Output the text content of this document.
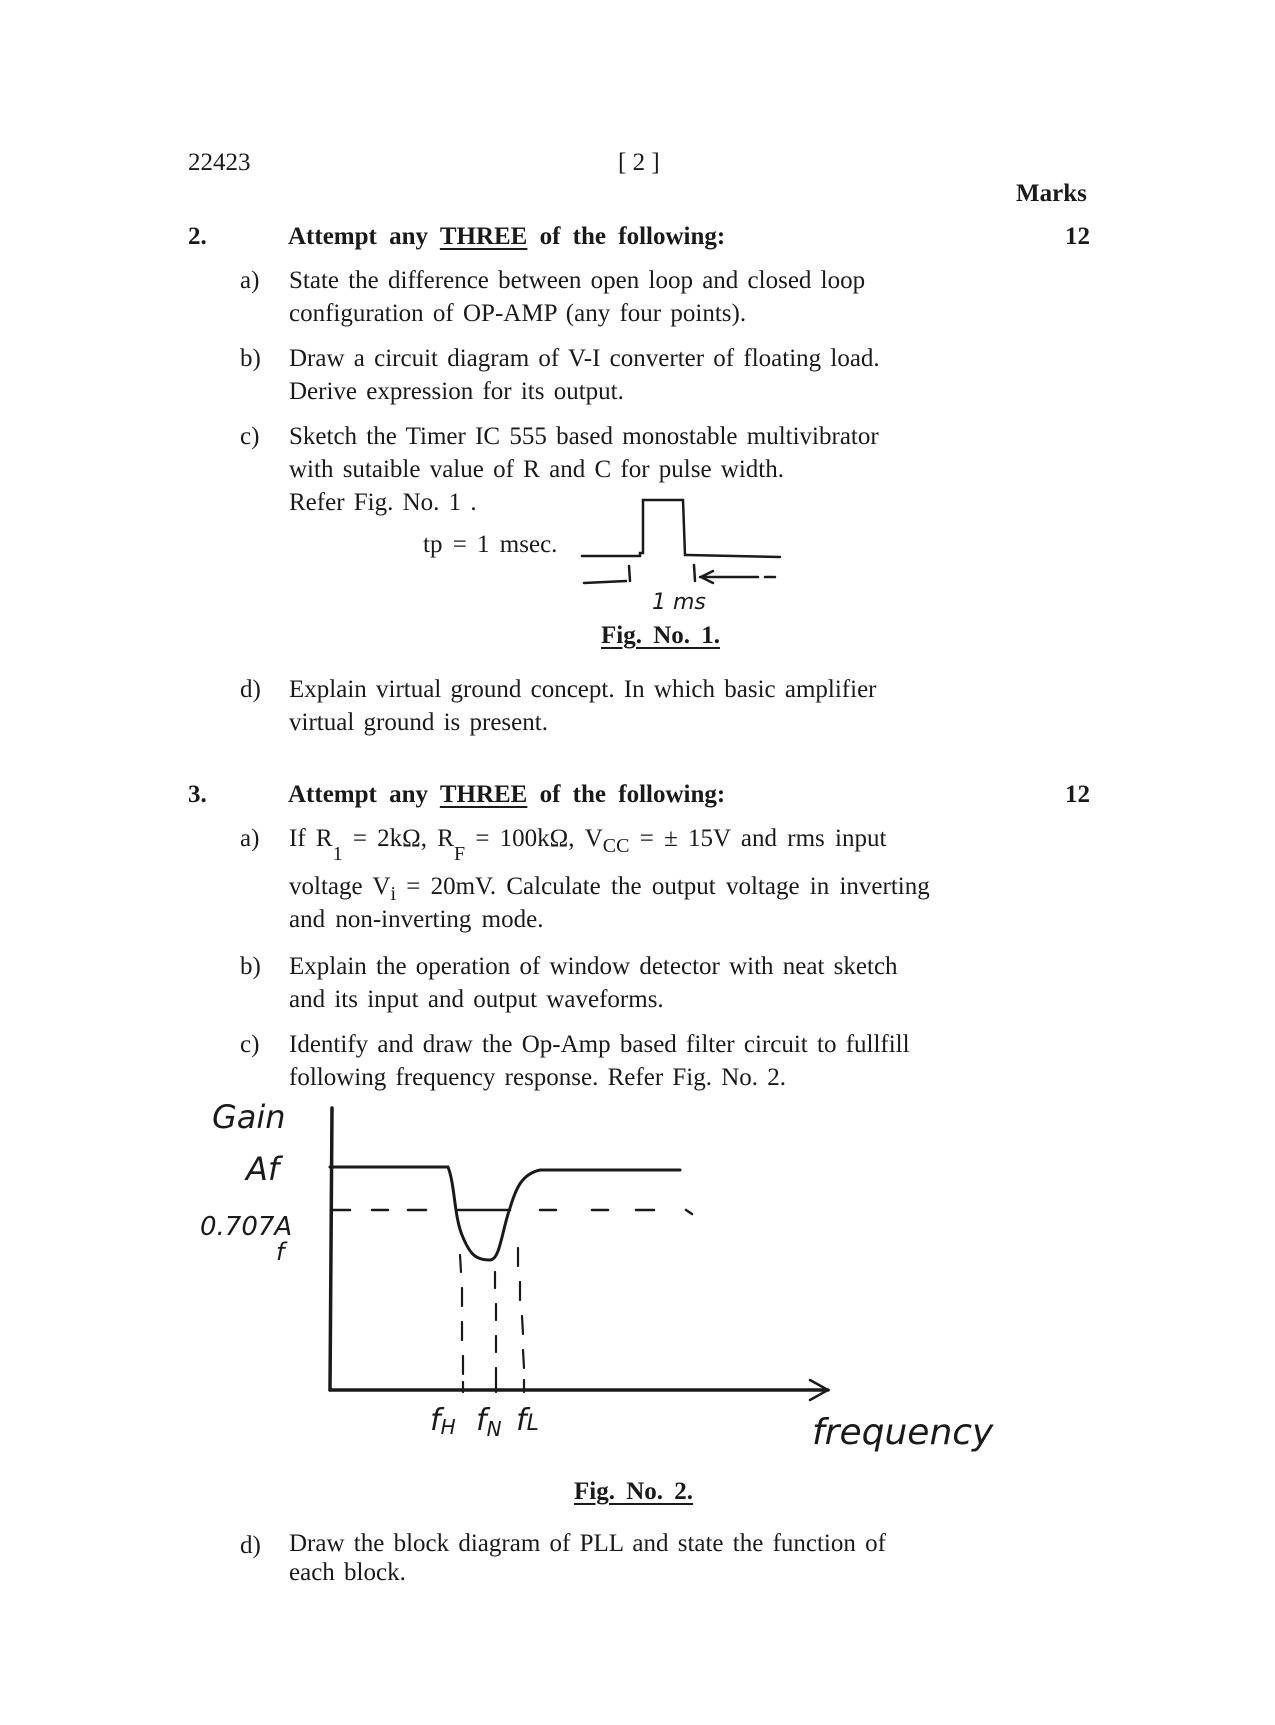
22423	[ 2 ]
Marks
2.	Attempt any THREE of the following:	12
a) State the difference between open loop and closed loop
configuration of OP-AMP (any four points).
b) Draw a circuit diagram of V-I converter of floating load.
Derive expression for its output.
c) Sketch the Timer IC 555 based monostable multivibrator
with sutaible value of R and C for pulse width.
Refer Fig. No. 1 .
tp = 1 msec.
1 ms
Fig. No. 1.
d) Explain virtual ground concept. In which basic amplifier
virtual ground is present.
3.	Attempt any THREE of the following:	12
a) If $R_1 = 2k\Omega$, $R_F = 100k\Omega$, $V_{CC}$ = ± 15V and rms input
voltage $V_i = 20mV$. Calculate the output voltage in inverting
and non-inverting mode.
b) Explain the operation of window detector with neat sketch
and its input and output waveforms.
c) Identify and draw the Op-Amp based filter circuit to fullfill
following frequency response. Refer Fig. No. 2.
Gain
Af
0.707A
f
fH $f_N$ fL	frequency
Fig. No. 2.
d) Draw the block diagram of PLL and state the function of
each block.
